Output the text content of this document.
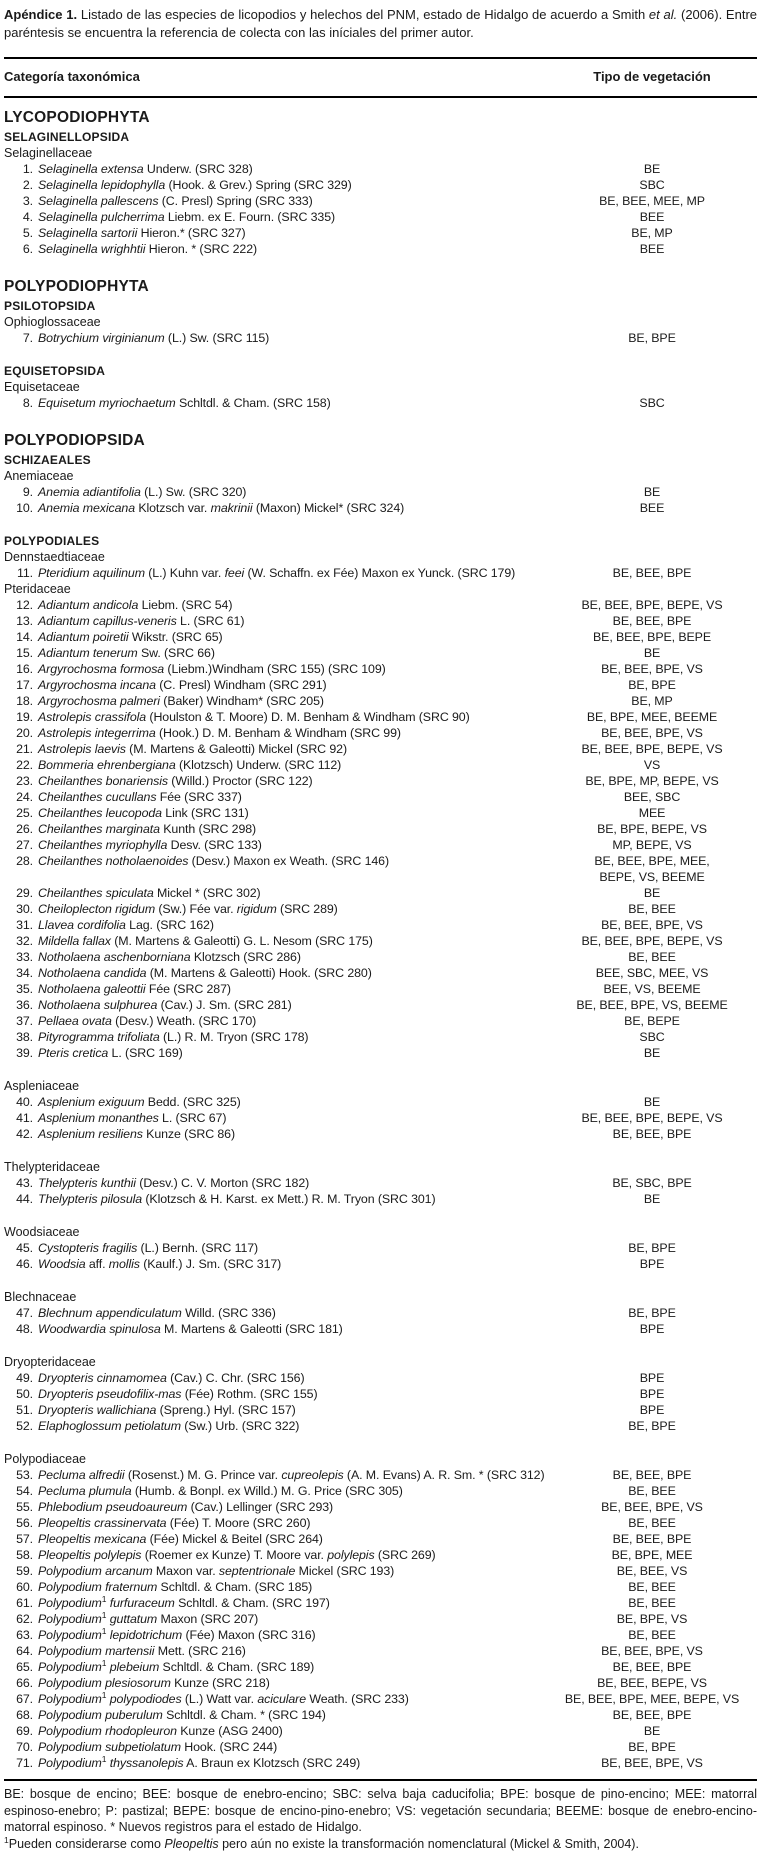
Apéndice 1. Listado de las especies de licopodios y helechos del PNM, estado de Hidalgo de acuerdo a Smith et al. (2006). Entre paréntesis se encuentra la referencia de colecta con las iníciales del primer autor.
Categoría taxonómica	Tipo de vegetación
LYCOPODIOPHYTA
SELAGINELLOPSIDA
Selaginellaceae
1. Selaginella extensa Underw. (SRC 328)	BE
2. Selaginella lepidophylla (Hook. & Grev.) Spring (SRC 329)	SBC
3. Selaginella pallescens (C. Presl) Spring (SRC 333)	BE, BEE, MEE, MP
4. Selaginella pulcherrima Liebm. ex E. Fourn. (SRC 335)	BEE
5. Selaginella sartorii Hieron.* (SRC 327)	BE, MP
6. Selaginella wrighhtii Hieron. * (SRC 222)	BEE
POLYPODIOPHYTA
PSILOTOPSIDA
Ophioglossaceae
7. Botrychium virginianum (L.) Sw. (SRC 115)	BE, BPE
EQUISETOPSIDA
Equisetaceae
8. Equisetum myriochaetum Schltdl. & Cham. (SRC 158)	SBC
POLYPODIOPSIDA
SCHIZAEALES
Anemiaceae
9. Anemia adiantifolia (L.) Sw. (SRC 320)	BE
10. Anemia mexicana Klotzsch var. makrinii (Maxon) Mickel* (SRC 324)	BEE
POLYPODIALES
Dennstaedtiaceae
11. Pteridium aquilinum (L.) Kuhn var. feei (W. Schaffn. ex Fée) Maxon ex Yunck. (SRC 179)	BE, BEE, BPE
Pteridaceae
12. Adiantum andicola Liebm. (SRC 54)	BE, BEE, BPE, BEPE, VS
13. Adiantum capillus-veneris L. (SRC 61)	BE, BEE, BPE
14. Adiantum poiretii Wikstr. (SRC 65)	BE, BEE, BPE, BEPE
15. Adiantum tenerum Sw. (SRC 66)	BE
16. Argyrochosma formosa (Liebm.)Windham (SRC 155) (SRC 109)	BE, BEE, BPE, VS
17. Argyrochosma incana (C. Presl) Windham (SRC 291)	BE, BPE
18. Argyrochosma palmeri (Baker) Windham* (SRC 205)	BE, MP
19. Astrolepis crassifola (Houlston & T. Moore) D. M. Benham & Windham (SRC 90)	BE, BPE, MEE, BEEME
20. Astrolepis integerrima (Hook.) D. M. Benham & Windham (SRC 99)	BE, BEE, BPE, VS
21. Astrolepis laevis (M. Martens & Galeotti) Mickel (SRC 92)	BE, BEE, BPE, BEPE, VS
22. Bommeria ehrenbergiana (Klotzsch) Underw. (SRC 112)	VS
23. Cheilanthes bonariensis (Willd.) Proctor (SRC 122)	BE, BPE, MP, BEPE, VS
24. Cheilanthes cucullans Fée (SRC 337)	BEE, SBC
25. Cheilanthes leucopoda Link (SRC 131)	MEE
26. Cheilanthes marginata Kunth (SRC 298)	BE, BPE, BEPE, VS
27. Cheilanthes myriophylla Desv. (SRC 133)	MP, BEPE, VS
28. Cheilanthes notholaenoides (Desv.) Maxon ex Weath. (SRC 146)	BE, BEE, BPE, MEE,
BEPE, VS, BEEME
29. Cheilanthes spiculata Mickel * (SRC 302)	BE
30. Cheiloplecton rigidum (Sw.) Fée var. rigidum (SRC 289)	BE, BEE
31. Llavea cordifolia Lag. (SRC 162)	BE, BEE, BPE, VS
32. Mildella fallax (M. Martens & Galeotti) G. L. Nesom (SRC 175)	BE, BEE, BPE, BEPE, VS
33. Notholaena aschenborniana Klotzsch (SRC 286)	BE, BEE
34. Notholaena candida (M. Martens & Galeotti) Hook. (SRC 280)	BEE, SBC, MEE, VS
35. Notholaena galeottii Fée (SRC 287)	BEE, VS, BEEME
36. Notholaena sulphurea (Cav.) J. Sm. (SRC 281)	BE, BEE, BPE, VS, BEEME
37. Pellaea ovata (Desv.) Weath. (SRC 170)	BE, BEPE
38. Pityrogramma trifoliata (L.) R. M. Tryon (SRC 178)	SBC
39. Pteris cretica L. (SRC 169)	BE
Aspleniaceae
40. Asplenium exiguum Bedd. (SRC 325)	BE
41. Asplenium monanthes L. (SRC 67)	BE, BEE, BPE, BEPE, VS
42. Asplenium resiliens Kunze (SRC 86)	BE, BEE, BPE
Thelypteridaceae
43. Thelypteris kunthii (Desv.) C. V. Morton (SRC 182)	BE, SBC, BPE
44. Thelypteris pilosula (Klotzsch & H. Karst. ex Mett.) R. M. Tryon (SRC 301)	BE
Woodsiaceae
45. Cystopteris fragilis (L.) Bernh. (SRC 117)	BE, BPE
46. Woodsia aff. mollis (Kaulf.) J. Sm. (SRC 317)	BPE
Blechnaceae
47. Blechnum appendiculatum Willd. (SRC 336)	BE, BPE
48. Woodwardia spinulosa M. Martens & Galeotti (SRC 181)	BPE
Dryopteridaceae
49. Dryopteris cinnamomea (Cav.) C. Chr. (SRC 156)	BPE
50. Dryopteris pseudofilix-mas (Fée) Rothm. (SRC 155)	BPE
51. Dryopteris wallichiana (Spreng.) Hyl. (SRC 157)	BPE
52. Elaphoglossum petiolatum (Sw.) Urb. (SRC 322)	BE, BPE
Polypodiaceae
53. Pecluma alfredii (Rosenst.) M. G. Prince var. cupreolepis (A. M. Evans) A. R. Sm. * (SRC 312)	BE, BEE, BPE
54. Pecluma plumula (Humb. & Bonpl. ex Willd.) M. G. Price (SRC 305)	BE, BEE
55. Phlebodium pseudoaureum (Cav.) Lellinger (SRC 293)	BE, BEE, BPE, VS
56. Pleopeltis crassinervata (Fée) T. Moore (SRC 260)	BE, BEE
57. Pleopeltis mexicana (Fée) Mickel & Beitel (SRC 264)	BE, BEE, BPE
58. Pleopeltis polylepis (Roemer ex Kunze) T. Moore var. polylepis (SRC 269)	BE, BPE, MEE
59. Polypodium arcanum Maxon var. septentrionale Mickel (SRC 193)	BE, BEE, VS
60. Polypodium fraternum Schltdl. & Cham. (SRC 185)	BE, BEE
61. Polypodium$^1$ furfuraceum Schltdl. & Cham. (SRC 197)	BE, BEE
62. Polypodium$^1$ guttatum Maxon (SRC 207)	BE, BPE, VS
63. Polypodium$^1$ lepidotrichum (Fée) Maxon (SRC 316)	BE, BEE
64. Polypodium martensii Mett. (SRC 216)	BE, BEE, BPE, VS
65. Polypodium$^1$ plebeium Schltdl. & Cham. (SRC 189)	BE, BEE, BPE
66. Polypodium plesiosorum Kunze (SRC 218)	BE, BEE, BEPE, VS
67. Polypodium$^1$ polypodiodes (L.) Watt var. aciculare Weath. (SRC 233)	BE, BEE, BPE, MEE, BEPE, VS
68. Polypodium puberulum Schltdl. & Cham. * (SRC 194)	BE, BEE, BPE
69. Polypodium rhodopleuron Kunze (ASG 2400)	BE
70. Polypodium subpetiolatum Hook. (SRC 244)	BE, BPE
71. Polypodium$^1$ thyssanolepis A. Braun ex Klotzsch (SRC 249)	BE, BEE, BPE, VS
BE: bosque de encino; BEE: bosque de enebro-encino; SBC: selva baja caducifolia; BPE: bosque de pino-encino; MEE: matorral espinoso-enebro; P: pastizal; BEPE: bosque de encino-pino-enebro; VS: vegetación secundaria; BEEME: bosque de enebro-encino-matorral espinoso. * Nuevos registros para el estado de Hidalgo.
$^1$Pueden considerarse como Pleopeltis pero aún no existe la transformación nomenclatural (Mickel & Smith, 2004).
